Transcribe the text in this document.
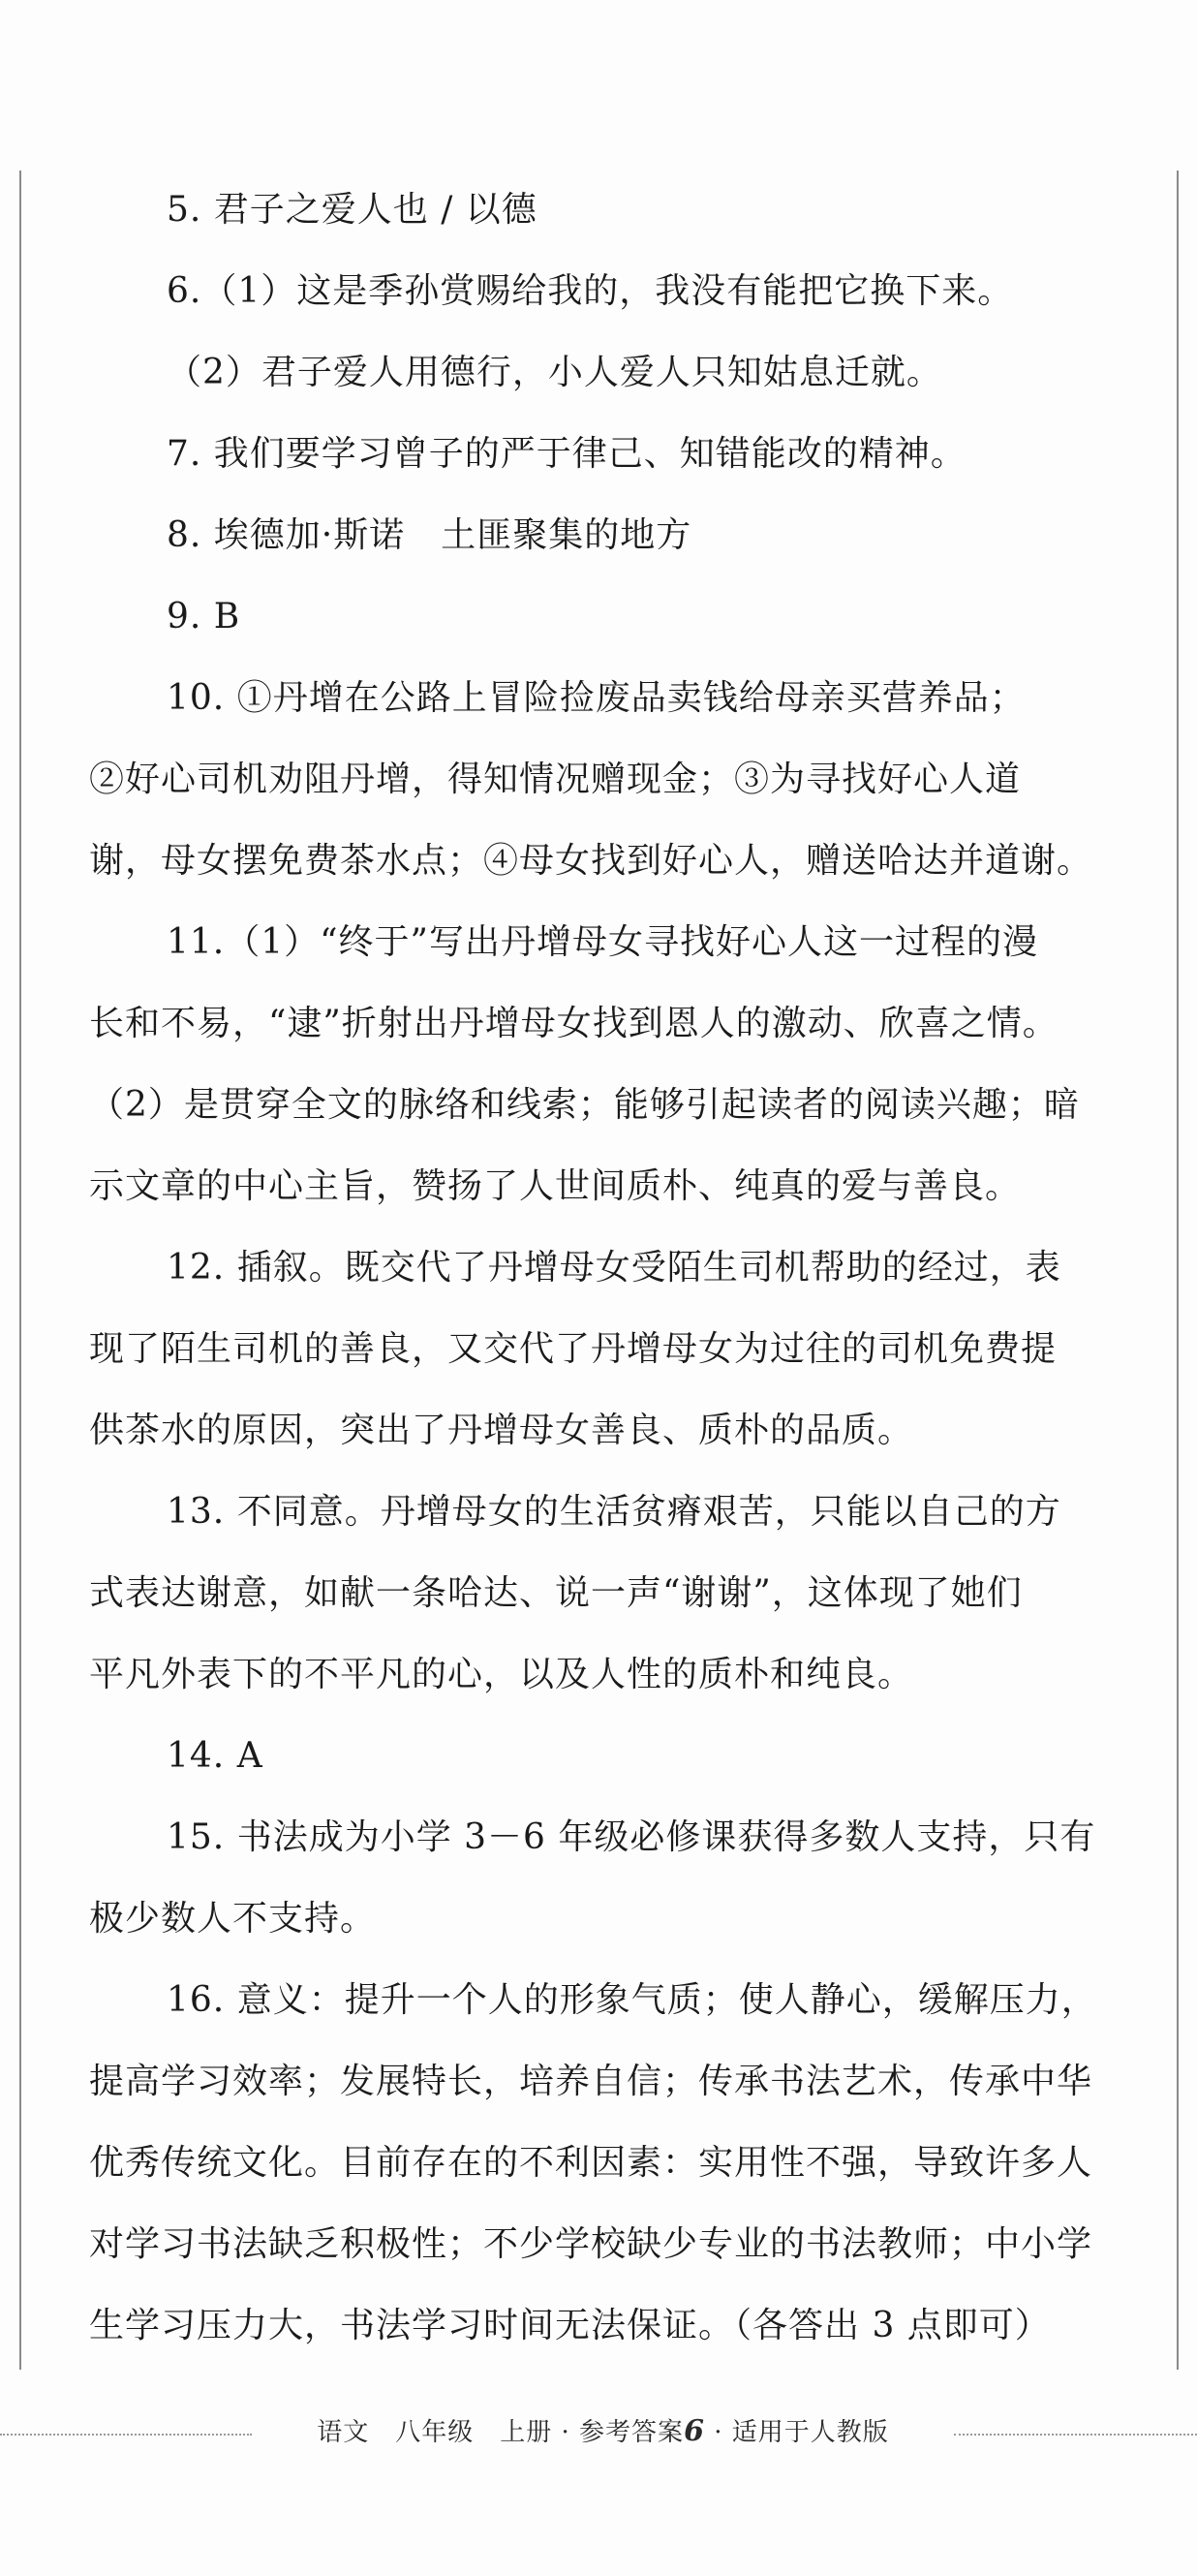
5. 君子之爱人也 / 以德
6.（1）这是季孙赏赐给我的，我没有能把它换下来。
（2）君子爱人用德行，小人爱人只知姑息迁就。
7. 我们要学习曾子的严于律己、知错能改的精神。
8. 埃德加·斯诺　土匪聚集的地方
9. B
10. ①丹增在公路上冒险捡废品卖钱给母亲买营养品；
②好心司机劝阻丹增，得知情况赠现金；③为寻找好心人道
谢，母女摆免费茶水点；④母女找到好心人，赠送哈达并道谢。
11.（1）“终于”写出丹增母女寻找好心人这一过程的漫
长和不易，“逮”折射出丹增母女找到恩人的激动、欣喜之情。
（2）是贯穿全文的脉络和线索；能够引起读者的阅读兴趣；暗
示文章的中心主旨，赞扬了人世间质朴、纯真的爱与善良。
12. 插叙。既交代了丹增母女受陌生司机帮助的经过，表
现了陌生司机的善良，又交代了丹增母女为过往的司机免费提
供茶水的原因，突出了丹增母女善良、质朴的品质。
13. 不同意。丹增母女的生活贫瘠艰苦，只能以自己的方
式表达谢意，如献一条哈达、说一声“谢谢”，这体现了她们
平凡外表下的不平凡的心，以及人性的质朴和纯良。
14. A
15. 书法成为小学 3－6 年级必修课获得多数人支持，只有
极少数人不支持。
16. 意义：提升一个人的形象气质；使人静心，缓解压力，
提高学习效率；发展特长，培养自信；传承书法艺术，传承中华
优秀传统文化。目前存在的不利因素：实用性不强，导致许多人
对学习书法缺乏积极性；不少学校缺少专业的书法教师；中小学
生学习压力大，书法学习时间无法保证。（各答出 3 点即可）
语文　八年级　上册 · 参考答案6 · 适用于人教版
